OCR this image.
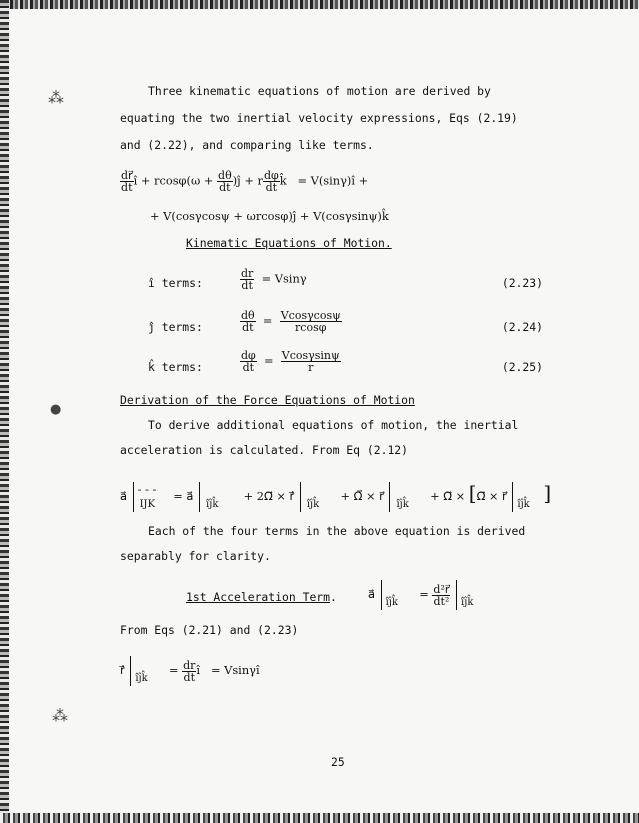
⁂
●
⁂
Three kinematic equations of motion are derived by
equating the two inertial velocity expressions, Eqs (2.19)
and (2.22), and comparing like terms.
$\frac{dr⃗}{dt}$ î + $rcos\varphi(\omega + \frac{d\theta}{dt}$ )ĵ + r $\frac{d\varphi}{dt}$ k̂   = V(sinγ)î +
+ V(cosγcosψ + ωrcosφ)ĵ + V(cosγsinψ)k̂
Kinematic Equations of Motion.
î terms:	$\frac{dr}{dt} = Vsin\gamma$	(2.23)
ĵ terms:	$\frac{d\theta}{dt} = \frac{Vcos\gamma\cos\psi}{rcos\varphi}$	(2.24)
k̂ terms:	$\frac{d\varphi}{dt} = \frac{Vcos\gamma\sin\psi}{r}$	(2.25)
Derivation of the Force Equations of Motion
To derive additional equations of motion, the inertial
acceleration is calculated. From Eq (2.12)
a⃗
IJK
- - - = a⃗
îĵk̂
+ 2Ω⃗ × ṙ⃗
îĵk̂
+ Ω̇⃗ × r⃗
îĵk̂
+ Ω⃗ × [Ω⃗ × r⃗
îĵk̂ ]
Each of the four terms in the above equation is derived
separably for clarity.
1st Acceleration Term.	a⃗
îĵk̂
= $\frac{\text{d²r⃗}}{\text{dt²}}$
îĵk̂
From Eqs (2.21) and (2.23)
ṙ⃗
îĵk̂
= $\frac{dr}{dt}$ î   = Vsinγî
25
